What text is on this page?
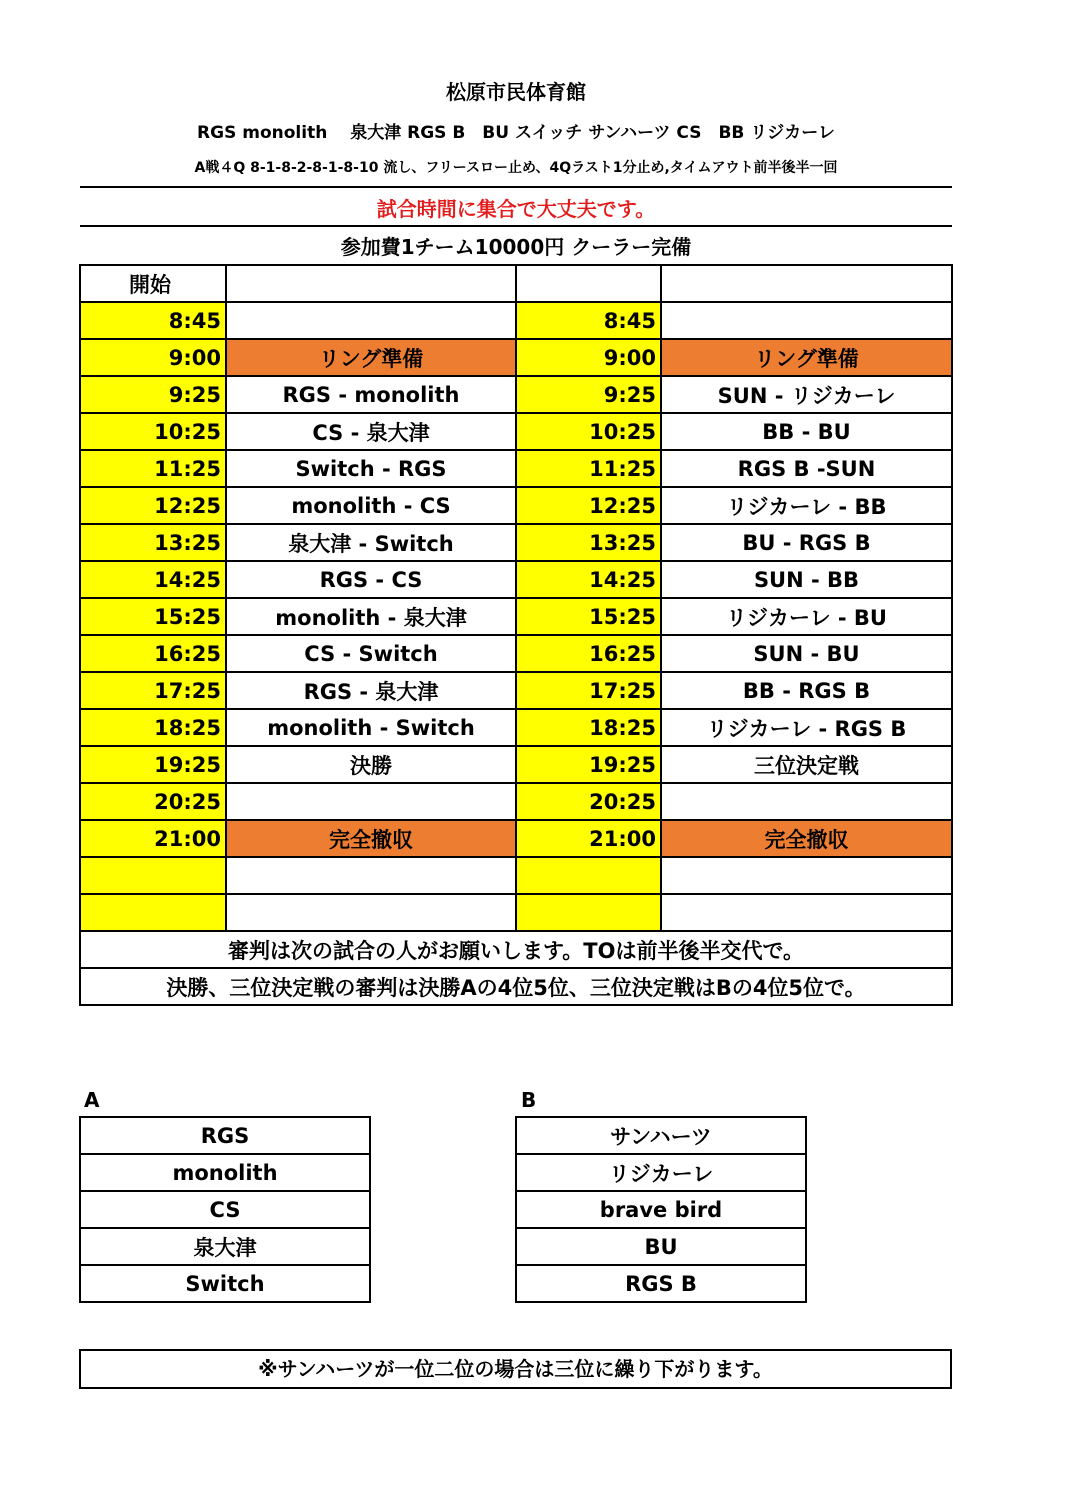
松原市民体育館
RGS monolith 　泉大津 RGS B　BU スイッチ サンハーツ CS　BB リジカーレ
A戦４Q 8-1-8-2-8-1-8-10 流し、フリースロー止め、4Qラスト1分止め,タイムアウト前半後半一回
試合時間に集合で大丈夫です。
参加費1チーム10000円 クーラー完備
開始			
8:45		8:45	
9:00	リング準備	9:00	リング準備
9:25	RGS - monolith	9:25	SUN - リジカーレ
10:25	CS - 泉大津	10:25	BB - BU
11:25	Switch - RGS	11:25	RGS B -SUN
12:25	monolith - CS	12:25	リジカーレ - BB
13:25	泉大津 - Switch	13:25	BU - RGS B
14:25	RGS - CS	14:25	SUN - BB
15:25	monolith - 泉大津	15:25	リジカーレ - BU
16:25	CS - Switch	16:25	SUN - BU
17:25	RGS - 泉大津	17:25	BB - RGS B
18:25	monolith - Switch	18:25	リジカーレ - RGS B
19:25	決勝	19:25	三位決定戦
20:25		20:25	
21:00	完全撤収	21:00	完全撤収

審判は次の試合の人がお願いします。TOは前半後半交代で。			
決勝、三位決定戦の審判は決勝Aの4位5位、三位決定戦はBの4位5位で。			
A
RGS
monolith
CS
泉大津
Switch
B
サンハーツ
リジカーレ
brave bird
BU
RGS B
※サンハーツが一位二位の場合は三位に繰り下がります。
